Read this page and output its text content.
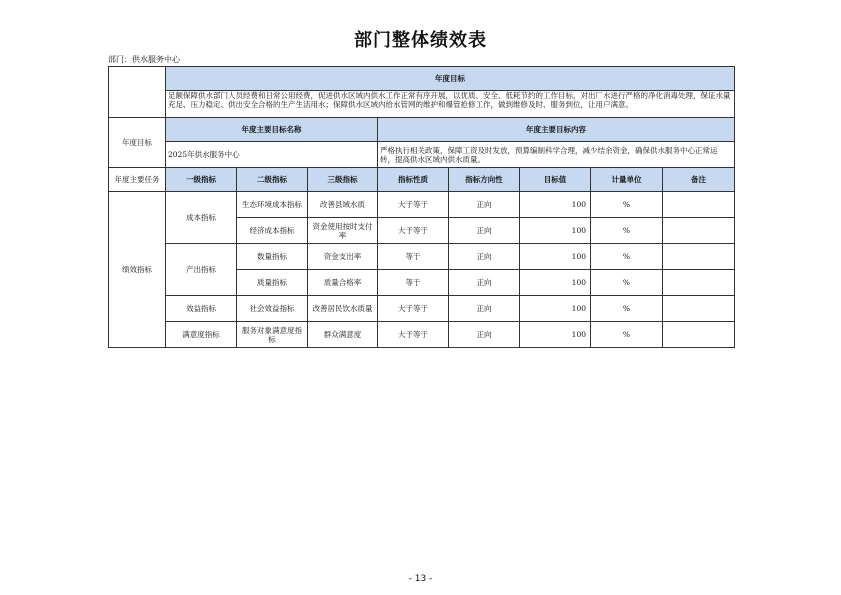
部门整体绩效表
部门：供水服务中心
	年度目标							

	足额保障供水部门人员经费和日常公用经费，促进供水区域内供水工作正常有序开展，以优质、安全、低耗节约的工作目标，对出厂水进行严格的净化消毒处理，保证水量充足、压力稳定、供出安全合格的生产生活用水；保障供水区域内给水管网的维护和爆管抢修工作，做到维修及时、服务到位，让用户满意。							

年度目标	年度主要目标名称			年度主要目标内容				
	2025年供水服务中心			严格执行相关政策，保障工资及时发放，预算编制科学合理，减少结余资金，确保供水服务中心正常运转，提高供水区域内供水质量。				
年度主要任务	一级指标	二级指标	三级指标	指标性质	指标方向性	目标值	计量单位	备注
绩效指标	成本指标	生态环境成本指标	改善县域水质	大于等于	正向	100	%	
		经济成本指标	资金使用按时支付率	大于等于	正向	100	%	
	产出指标	数量指标	资金支出率	等于	正向	100	%	
		质量指标	质量合格率	等于	正向	100	%	
	效益指标	社会效益指标	改善居民饮水质量	大于等于	正向	100	%	
	满意度指标	服务对象满意度指标	群众满意度	大于等于	正向	100	%	
- 13 -
